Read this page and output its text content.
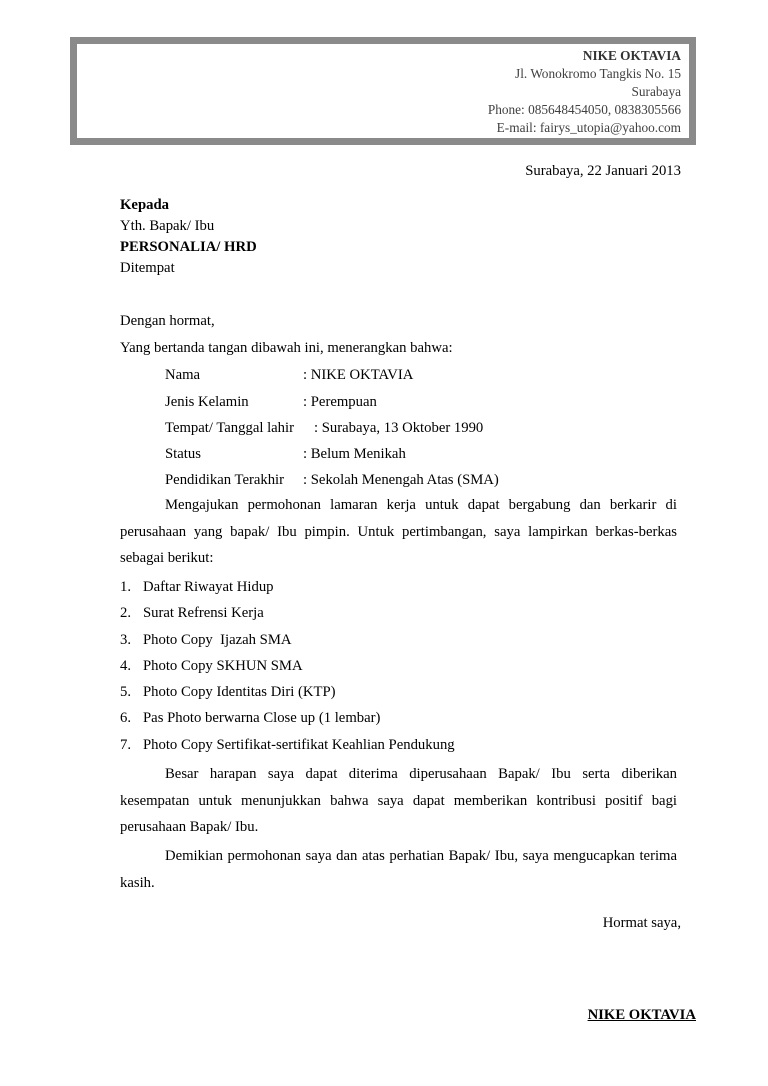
NIKE OKTAVIA
Jl. Wonokromo Tangkis No. 15
Surabaya
Phone: 085648454050, 0838305566
E-mail: fairys_utopia@yahoo.com
Surabaya, 22 Januari 2013
Kepada
Yth. Bapak/ Ibu
PERSONALIA/ HRD
Ditempat
Dengan hormat,
Yang bertanda tangan dibawah ini, menerangkan bahwa:
Nama	: NIKE OKTAVIA
Jenis Kelamin	: Perempuan
Tempat/ Tanggal lahir : Surabaya, 13 Oktober 1990
Status	: Belum Menikah
Pendidikan Terakhir : Sekolah Menengah Atas (SMA)
Mengajukan permohonan lamaran kerja untuk dapat bergabung dan berkarir di perusahaan yang bapak/ Ibu pimpin. Untuk pertimbangan, saya lampirkan berkas-berkas sebagai berikut:
1. Daftar Riwayat Hidup
2. Surat Refrensi Kerja
3. Photo Copy  Ijazah SMA
4. Photo Copy SKHUN SMA
5. Photo Copy Identitas Diri (KTP)
6. Pas Photo berwarna Close up (1 lembar)
7. Photo Copy Sertifikat-sertifikat Keahlian Pendukung
Besar harapan saya dapat diterima diperusahaan Bapak/ Ibu serta diberikan kesempatan untuk menunjukkan bahwa saya dapat memberikan kontribusi positif bagi perusahaan Bapak/ Ibu.
Demikian permohonan saya dan atas perhatian Bapak/ Ibu, saya mengucapkan terima kasih.
Hormat saya,
NIKE OKTAVIA
